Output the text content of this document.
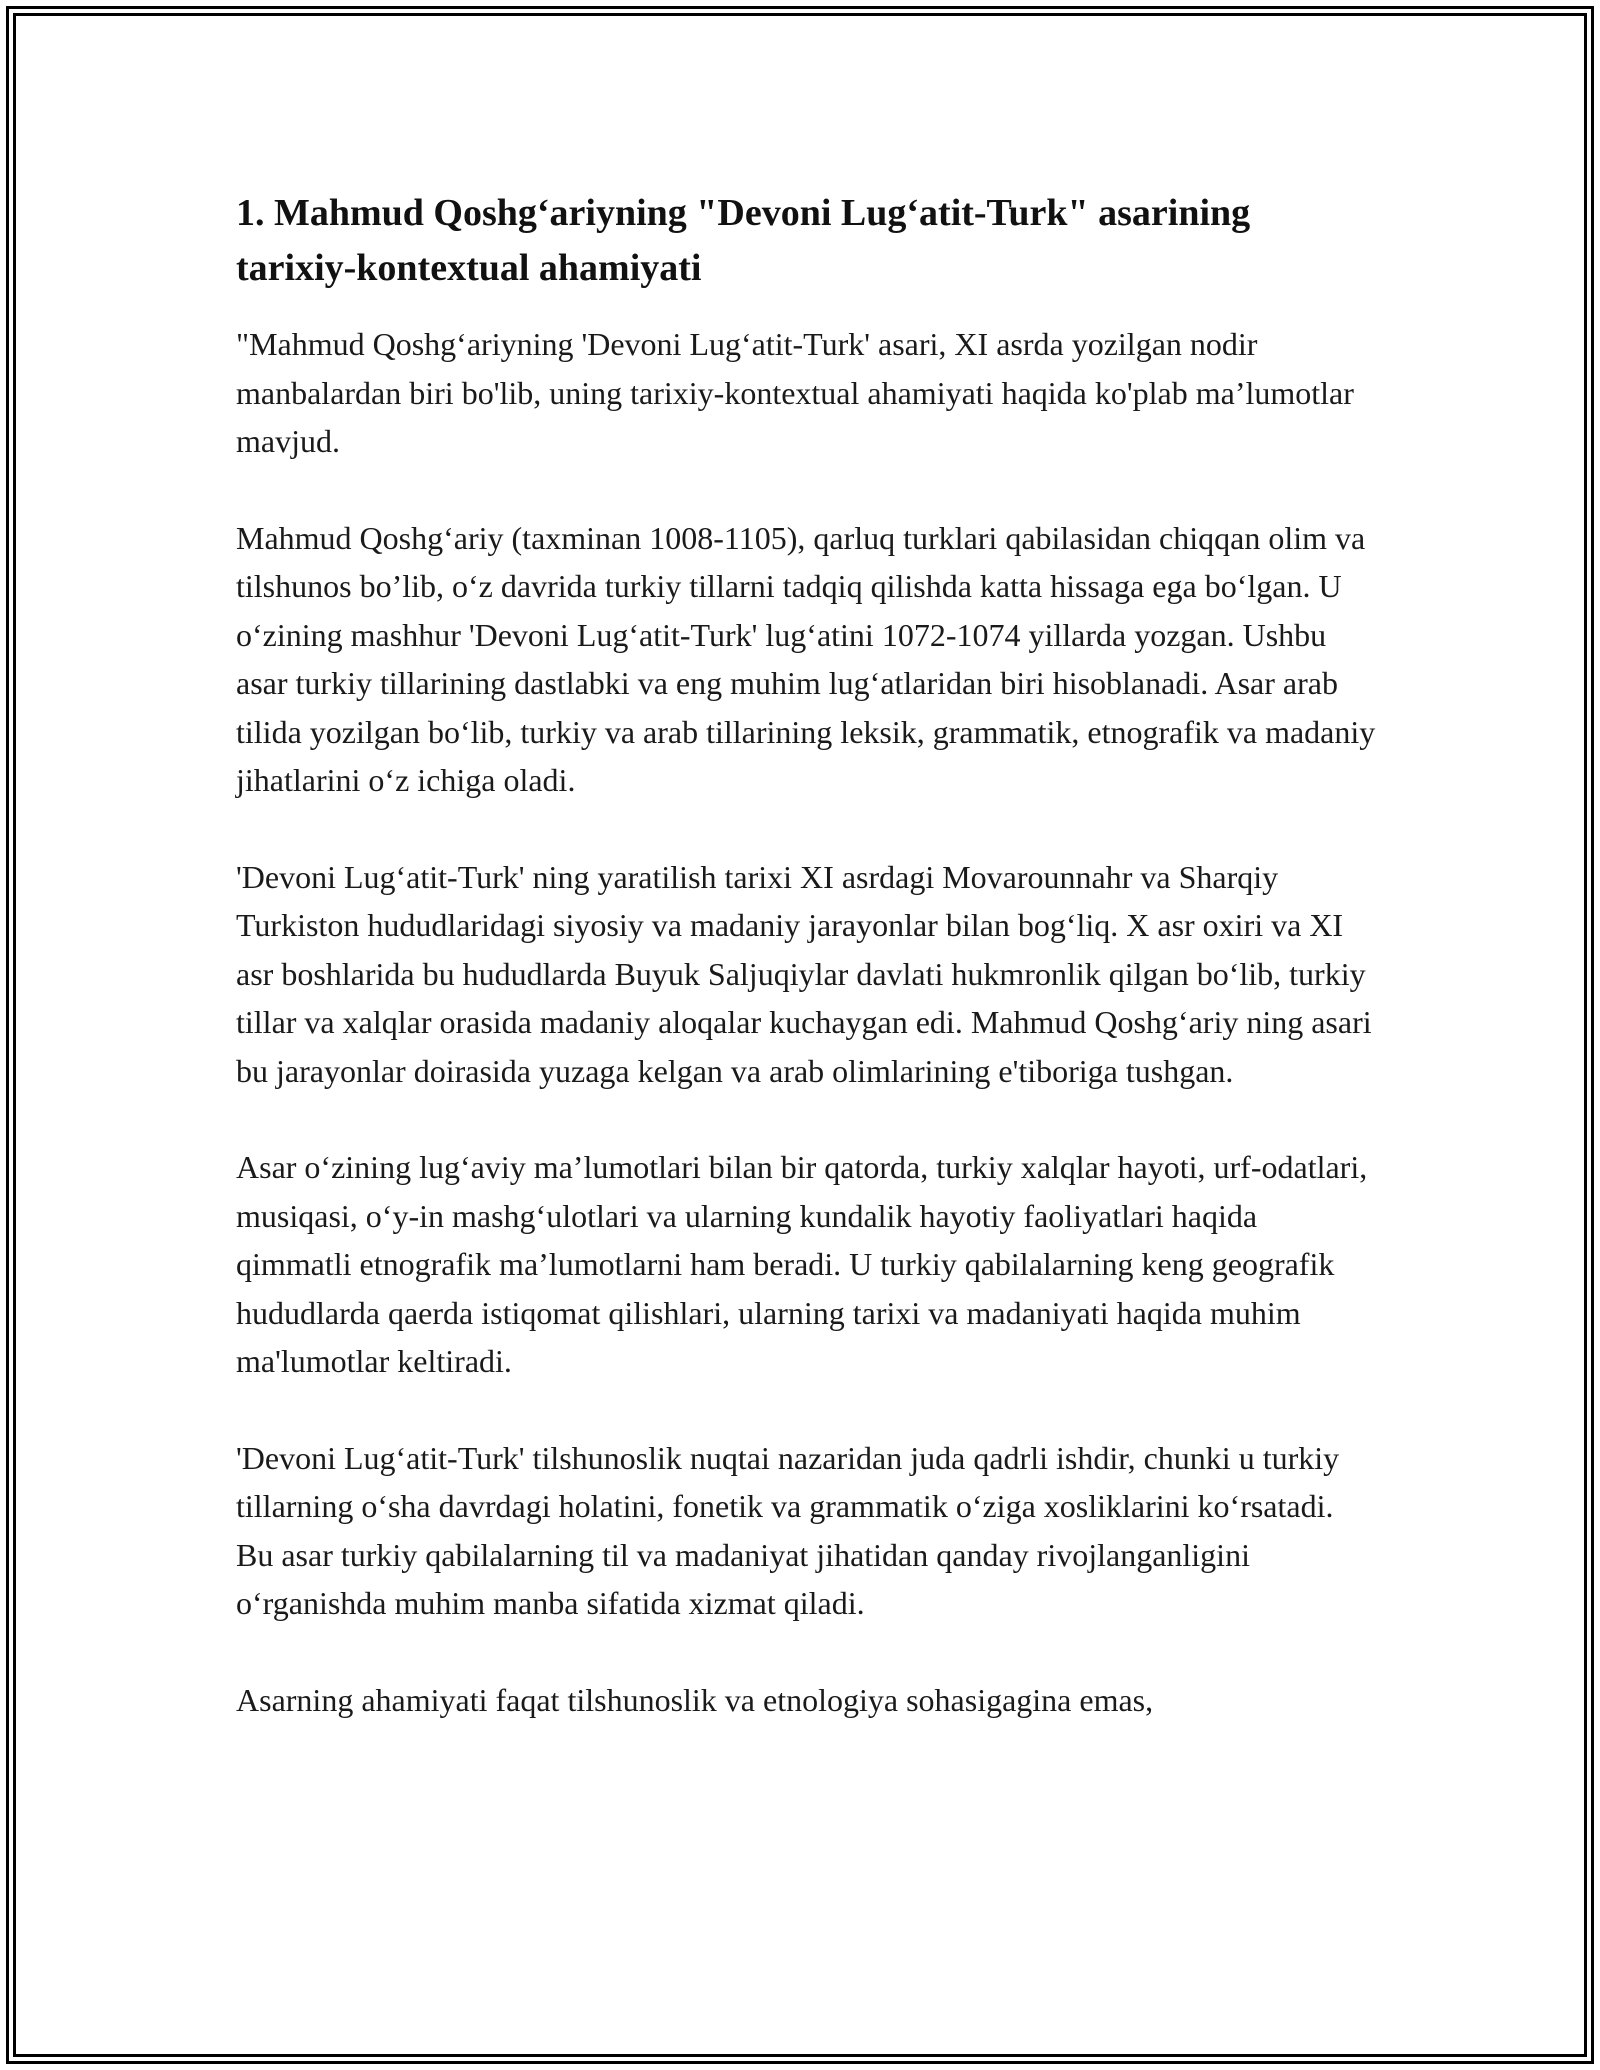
1. Mahmud Qoshg‘ariyning "Devoni Lug‘atit-Turk" asarining tarixiy-kontextual ahamiyati

"Mahmud Qoshg‘ariyning 'Devoni Lug‘atit-Turk' asari, XI asrda yozilgan nodir manbalardan biri bo'lib, uning tarixiy-kontextual ahamiyati haqida ko'plab ma’lumotlar mavjud.

Mahmud Qoshg‘ariy (taxminan 1008-1105), qarluq turklari qabilasidan chiqqan olim va tilshunos bo’lib, o‘z davrida turkiy tillarni tadqiq qilishda katta hissaga ega bo‘lgan. U o‘zining mashhur 'Devoni Lug‘atit-Turk' lug‘atini 1072-1074 yillarda yozgan. Ushbu asar turkiy tillarining dastlabki va eng muhim lug‘atlaridan biri hisoblanadi. Asar arab tilida yozilgan bo‘lib, turkiy va arab tillarining leksik, grammatik, etnografik va madaniy jihatlarini o‘z ichiga oladi.

'Devoni Lug‘atit-Turk' ning yaratilish tarixi XI asrdagi Movarounnahr va Sharqiy Turkiston hududlaridagi siyosiy va madaniy jarayonlar bilan bog‘liq. X asr oxiri va XI asr boshlarida bu hududlarda Buyuk Saljuqiylar davlati hukmronlik qilgan bo‘lib, turkiy tillar va xalqlar orasida madaniy aloqalar kuchaygan edi. Mahmud Qoshg‘ariy ning asari bu jarayonlar doirasida yuzaga kelgan va arab olimlarining e'tiboriga tushgan.

Asar o‘zining lug‘aviy ma’lumotlari bilan bir qatorda, turkiy xalqlar hayoti, urf-odatlari, musiqasi, o‘y-in mashg‘ulotlari va ularning kundalik hayotiy faoliyatlari haqida qimmatli etnografik ma’lumotlarni ham beradi. U turkiy qabilalarning keng geografik hududlarda qaerda istiqomat qilishlari, ularning tarixi va madaniyati haqida muhim ma'lumotlar keltiradi.

'Devoni Lug‘atit-Turk' tilshunoslik nuqtai nazaridan juda qadrli ishdir, chunki u turkiy tillarning o‘sha davrdagi holatini, fonetik va grammatik o‘ziga xosliklarini ko‘rsatadi. Bu asar turkiy qabilalarning til va madaniyat jihatidan qanday rivojlanganligini o‘rganishda muhim manba sifatida xizmat qiladi.

Asarning ahamiyati faqat tilshunoslik va etnologiya sohasigagina emas,
